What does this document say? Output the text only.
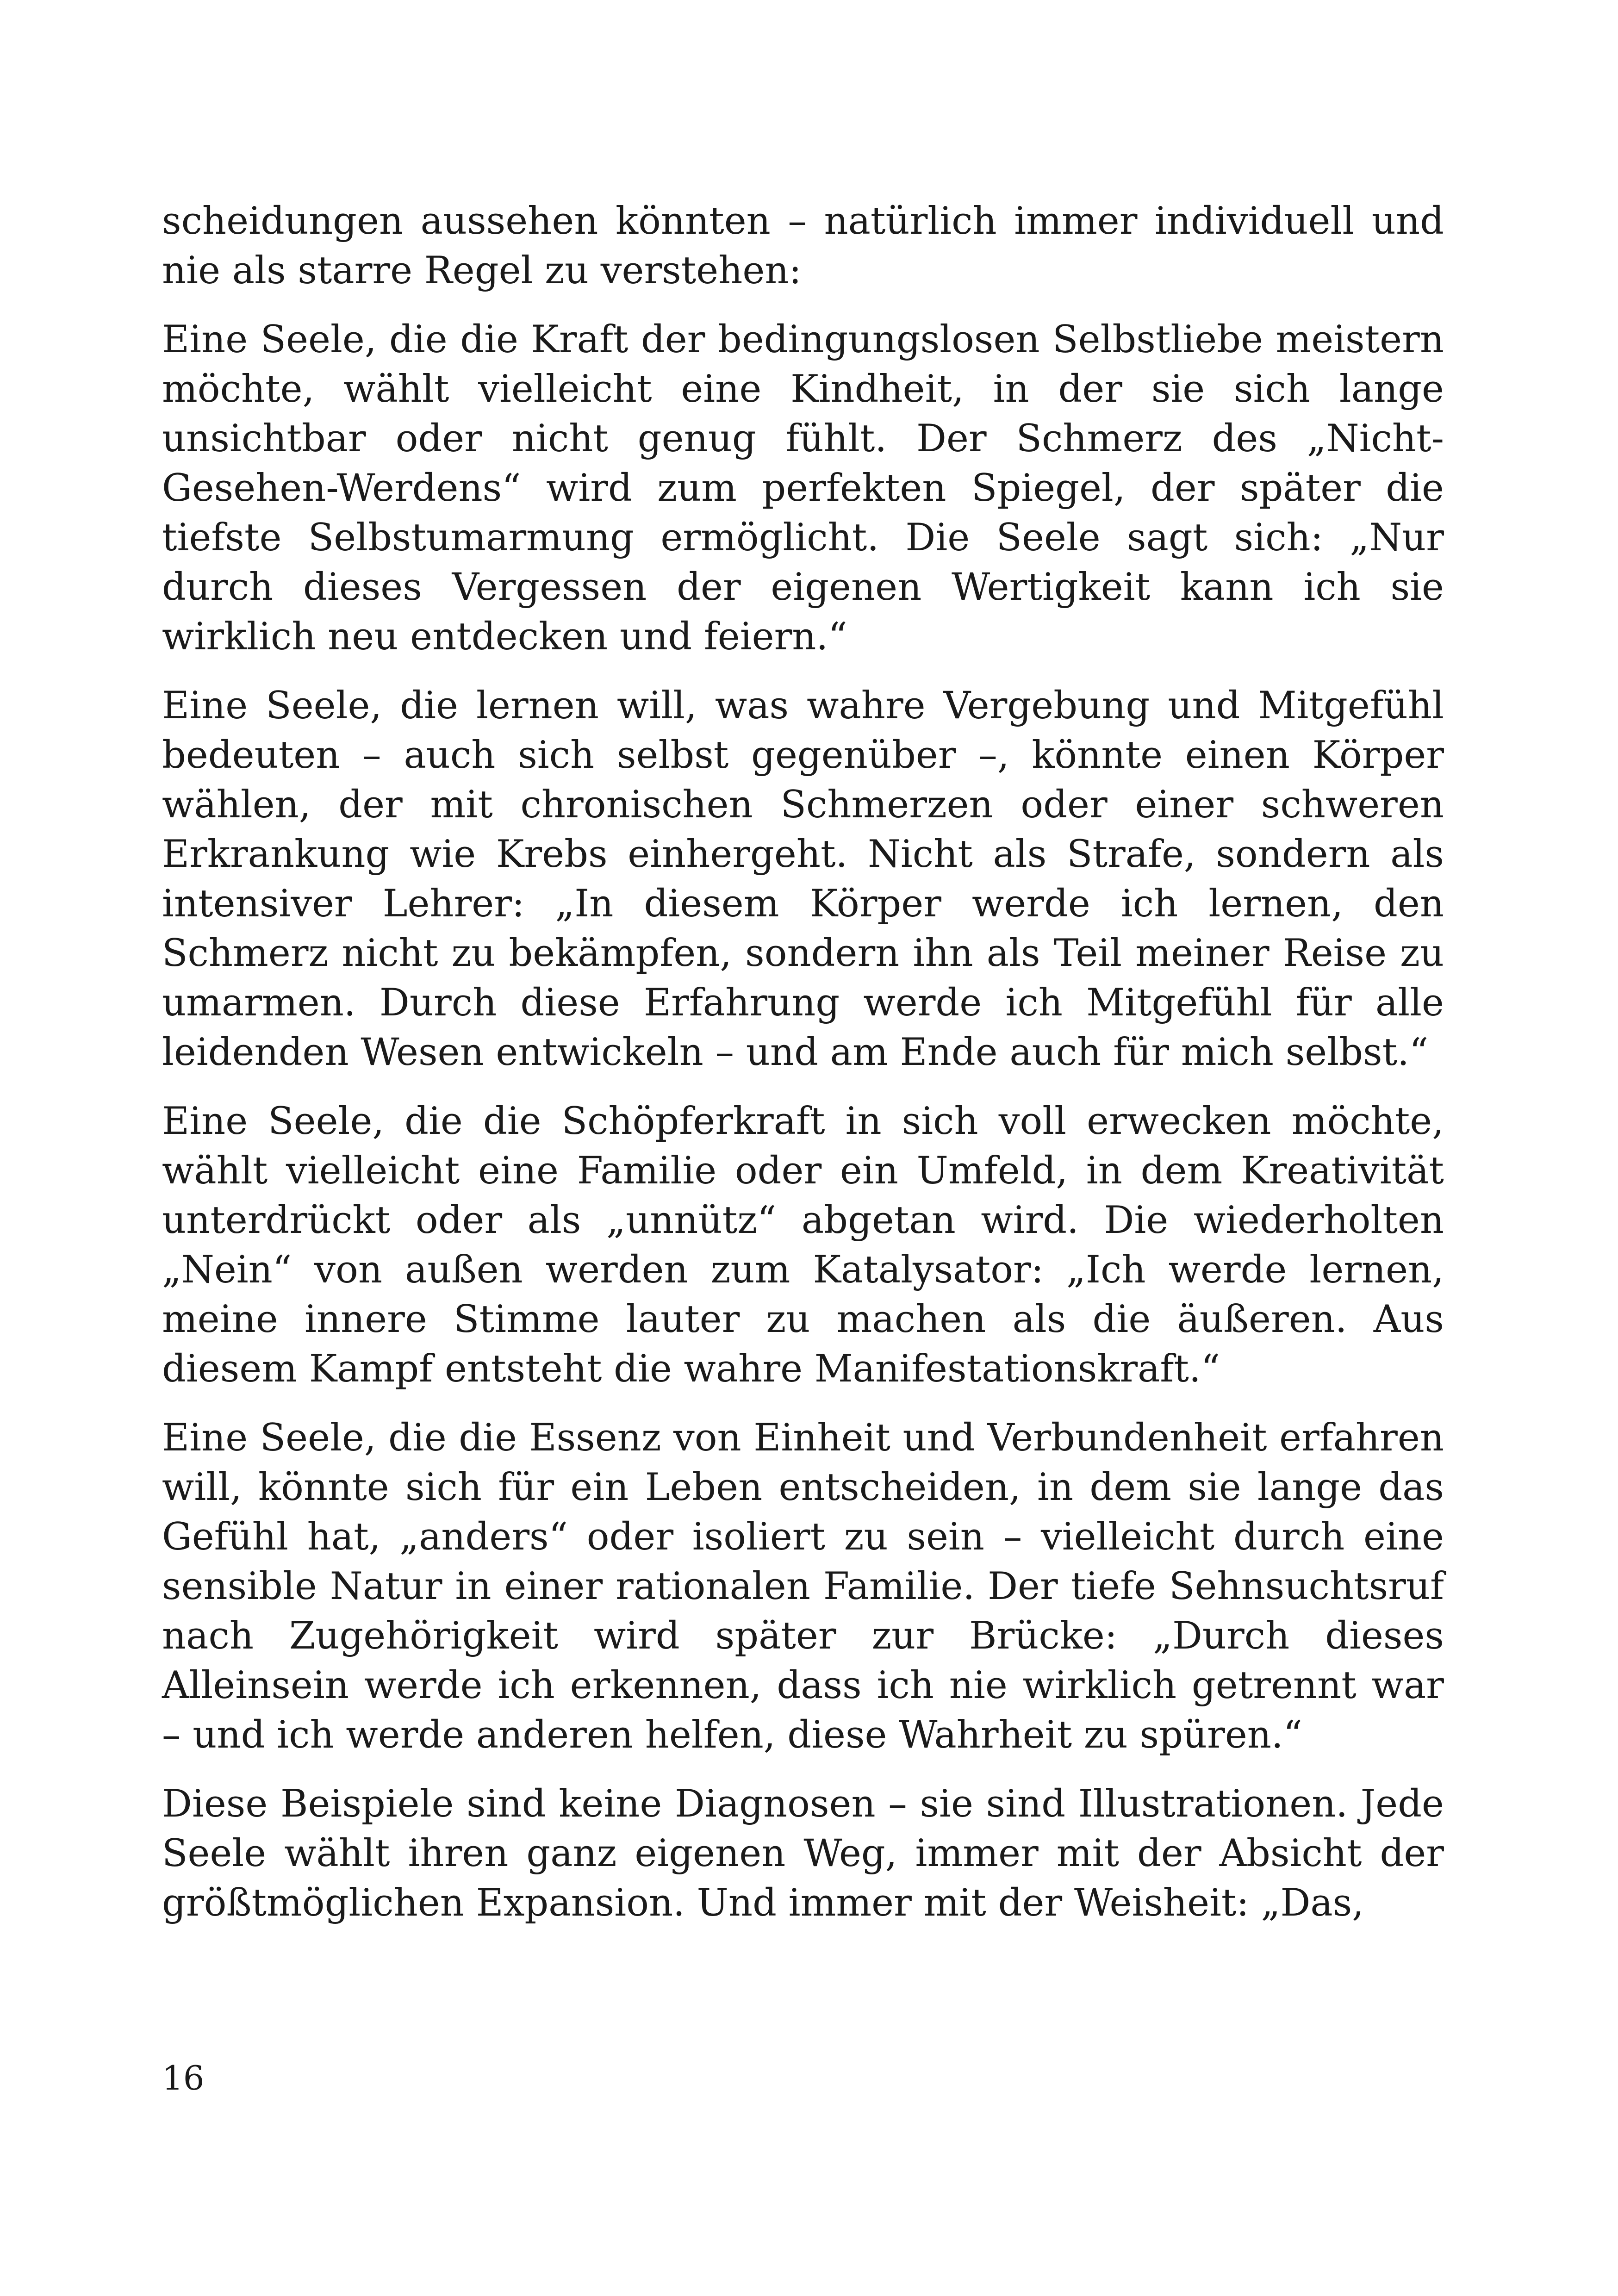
scheidungen aussehen könnten – natürlich immer individuell und nie als starre Regel zu verstehen:

Eine Seele, die die Kraft der bedingungslosen Selbstliebe meistern möchte, wählt vielleicht eine Kindheit, in der sie sich lange unsichtbar oder nicht genug fühlt. Der Schmerz des „Nicht-Gesehen-Werdens“ wird zum perfekten Spiegel, der später die tiefste Selbstumarmung ermöglicht. Die Seele sagt sich: „Nur durch dieses Vergessen der eigenen Wertigkeit kann ich sie wirklich neu entdecken und feiern.“

Eine Seele, die lernen will, was wahre Vergebung und Mitgefühl bedeuten – auch sich selbst gegenüber –, könnte einen Körper wählen, der mit chronischen Schmerzen oder einer schweren Erkrankung wie Krebs einhergeht. Nicht als Strafe, sondern als intensiver Lehrer: „In diesem Körper werde ich lernen, den Schmerz nicht zu bekämpfen, sondern ihn als Teil meiner Reise zu umarmen. Durch diese Erfahrung werde ich Mitgefühl für alle leidenden Wesen entwickeln – und am Ende auch für mich selbst.“

Eine Seele, die die Schöpferkraft in sich voll erwecken möchte, wählt vielleicht eine Familie oder ein Umfeld, in dem Kreativität unterdrückt oder als „unnütz“ abgetan wird. Die wiederholten „Nein“ von außen werden zum Katalysator: „Ich werde lernen, meine innere Stimme lauter zu machen als die äußeren. Aus diesem Kampf entsteht die wahre Manifestationskraft.“

Eine Seele, die die Essenz von Einheit und Verbundenheit erfahren will, könnte sich für ein Leben entscheiden, in dem sie lange das Gefühl hat, „anders“ oder isoliert zu sein – vielleicht durch eine sensible Natur in einer rationalen Familie. Der tiefe Sehnsuchtsruf nach Zugehörigkeit wird später zur Brücke: „Durch dieses Alleinsein werde ich erkennen, dass ich nie wirklich getrennt war – und ich werde anderen helfen, diese Wahrheit zu spüren.“

Diese Beispiele sind keine Diagnosen – sie sind Illustrationen. Jede Seele wählt ihren ganz eigenen Weg, immer mit der Absicht der größtmöglichen Expansion. Und immer mit der Weisheit: „Das,

16
